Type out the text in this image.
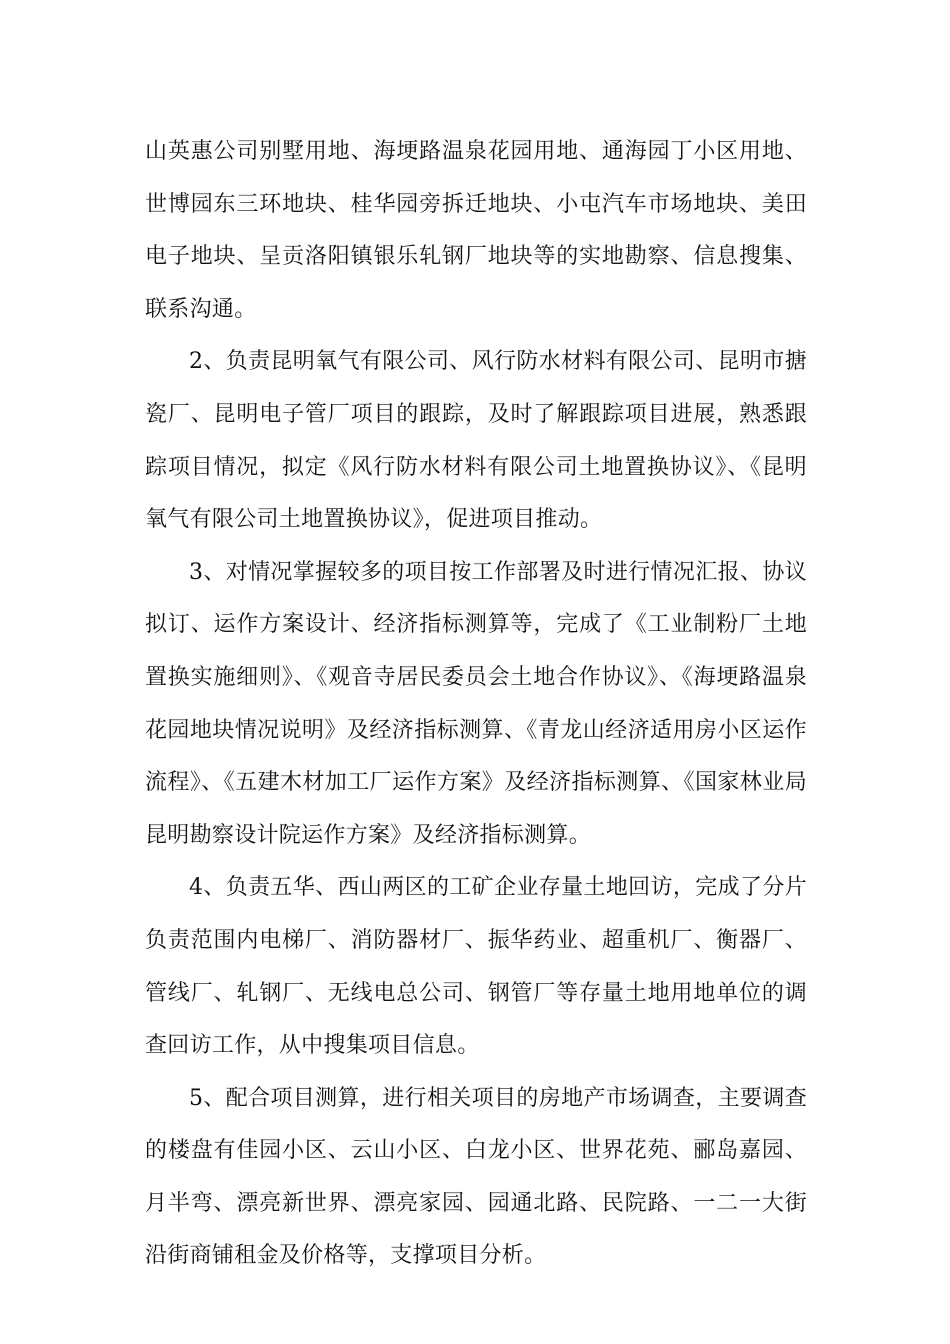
山英惠公司别墅用地、海埂路温泉花园用地、通海园丁小区用地、世博园东三环地块、桂华园旁拆迁地块、小屯汽车市场地块、美田电子地块、呈贡洛阳镇银乐轧钢厂地块等的实地勘察、信息搜集、联系沟通。

2、负责昆明氧气有限公司、风行防水材料有限公司、昆明市搪瓷厂、昆明电子管厂项目的跟踪，及时了解跟踪项目进展，熟悉跟踪项目情况，拟定《风行防水材料有限公司土地置换协议》、《昆明氧气有限公司土地置换协议》，促进项目推动。

3、对情况掌握较多的项目按工作部署及时进行情况汇报、协议拟订、运作方案设计、经济指标测算等，完成了《工业制粉厂土地置换实施细则》、《观音寺居民委员会土地合作协议》、《海埂路温泉花园地块情况说明》及经济指标测算、《青龙山经济适用房小区运作流程》、《五建木材加工厂运作方案》及经济指标测算、《国家林业局昆明勘察设计院运作方案》及经济指标测算。

4、负责五华、西山两区的工矿企业存量土地回访，完成了分片负责范围内电梯厂、消防器材厂、振华药业、超重机厂、衡器厂、管线厂、轧钢厂、无线电总公司、钢管厂等存量土地用地单位的调查回访工作，从中搜集项目信息。

5、配合项目测算，进行相关项目的房地产市场调查，主要调查的楼盘有佳园小区、云山小区、白龙小区、世界花苑、郦岛嘉园、月半弯、漂亮新世界、漂亮家园、园通北路、民院路、一二一大街沿街商铺租金及价格等，支撑项目分析。
